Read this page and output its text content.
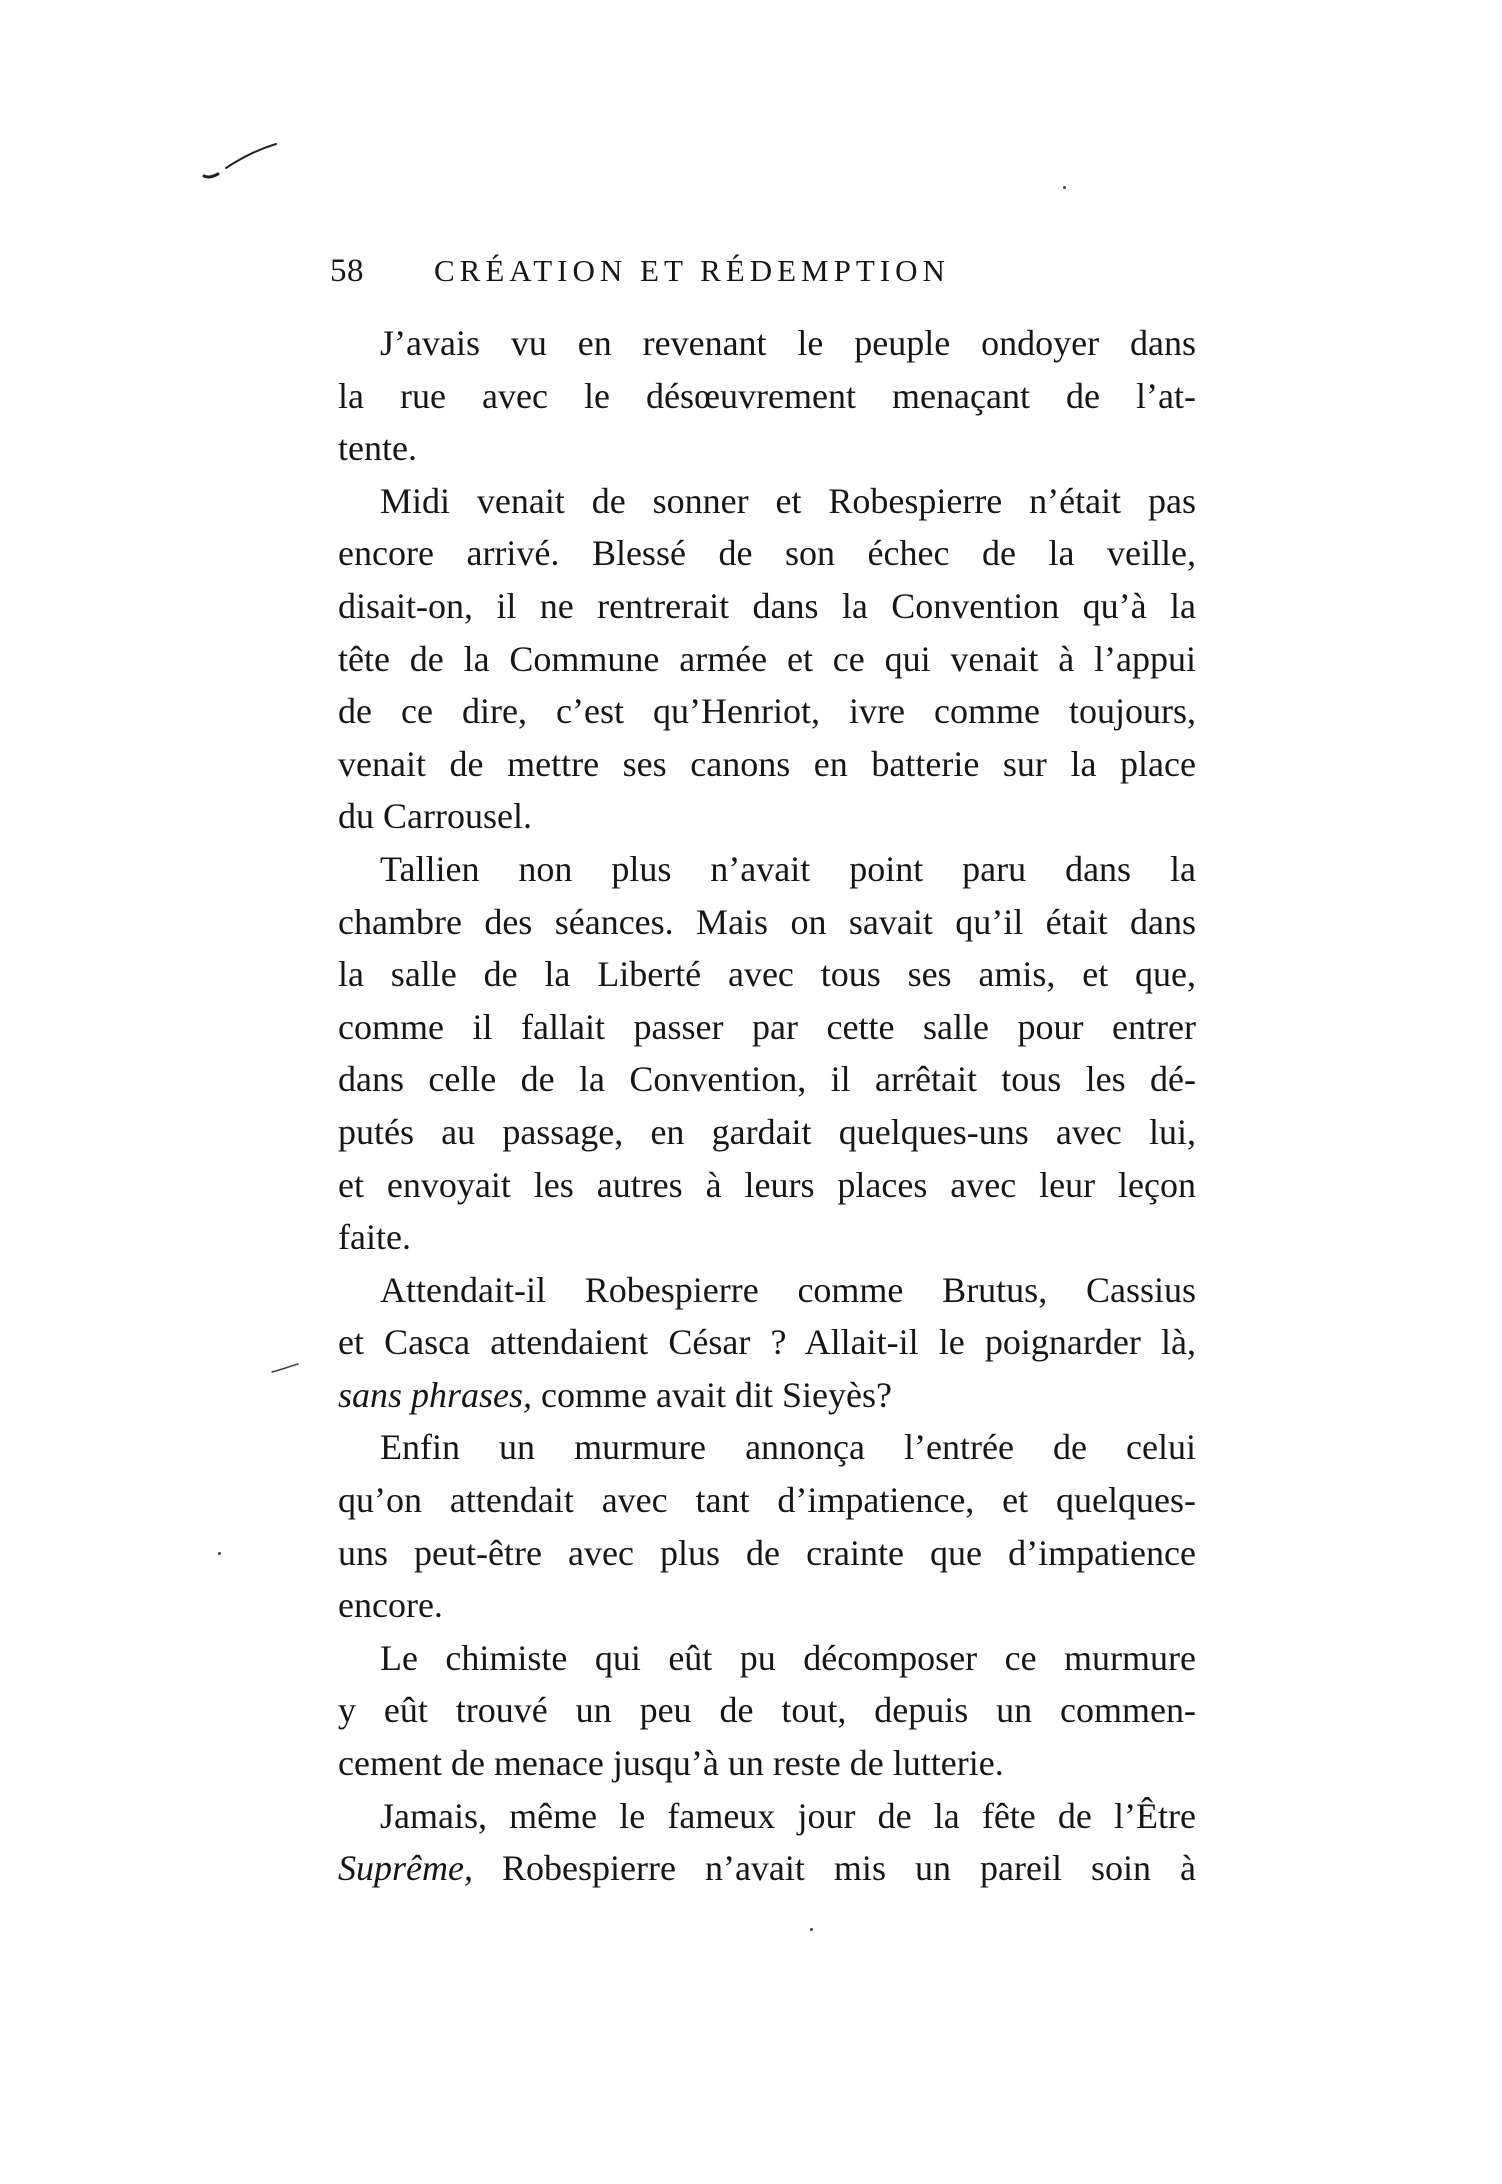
58 CRÉATION ET RÉDEMPTION
J’avais vu en revenant le peuple ondoyer dans
la rue avec le désœuvrement menaçant de l’at-
tente.
Midi venait de sonner et Robespierre n’était pas
encore arrivé. Blessé de son échec de la veille,
disait-on, il ne rentrerait dans la Convention qu’à la
tête de la Commune armée et ce qui venait à l’appui
de ce dire, c’est qu’Henriot, ivre comme toujours,
venait de mettre ses canons en batterie sur la place
du Carrousel.
Tallien non plus n’avait point paru dans la
chambre des séances. Mais on savait qu’il était dans
la salle de la Liberté avec tous ses amis, et que,
comme il fallait passer par cette salle pour entrer
dans celle de la Convention, il arrêtait tous les dé-
putés au passage, en gardait quelques-uns avec lui,
et envoyait les autres à leurs places avec leur leçon
faite.
Attendait-il Robespierre comme Brutus, Cassius
et Casca attendaient César ? Allait-il le poignarder là,
sans phrases, comme avait dit Sieyès?
Enfin un murmure annonça l’entrée de celui
qu’on attendait avec tant d’impatience, et quelques-
uns peut-être avec plus de crainte que d’impatience
encore.
Le chimiste qui eût pu décomposer ce murmure
y eût trouvé un peu de tout, depuis un commen-
cement de menace jusqu’à un reste de lutterie.
Jamais, même le fameux jour de la fête de l’Être
Suprême, Robespierre n’avait mis un pareil soin à
